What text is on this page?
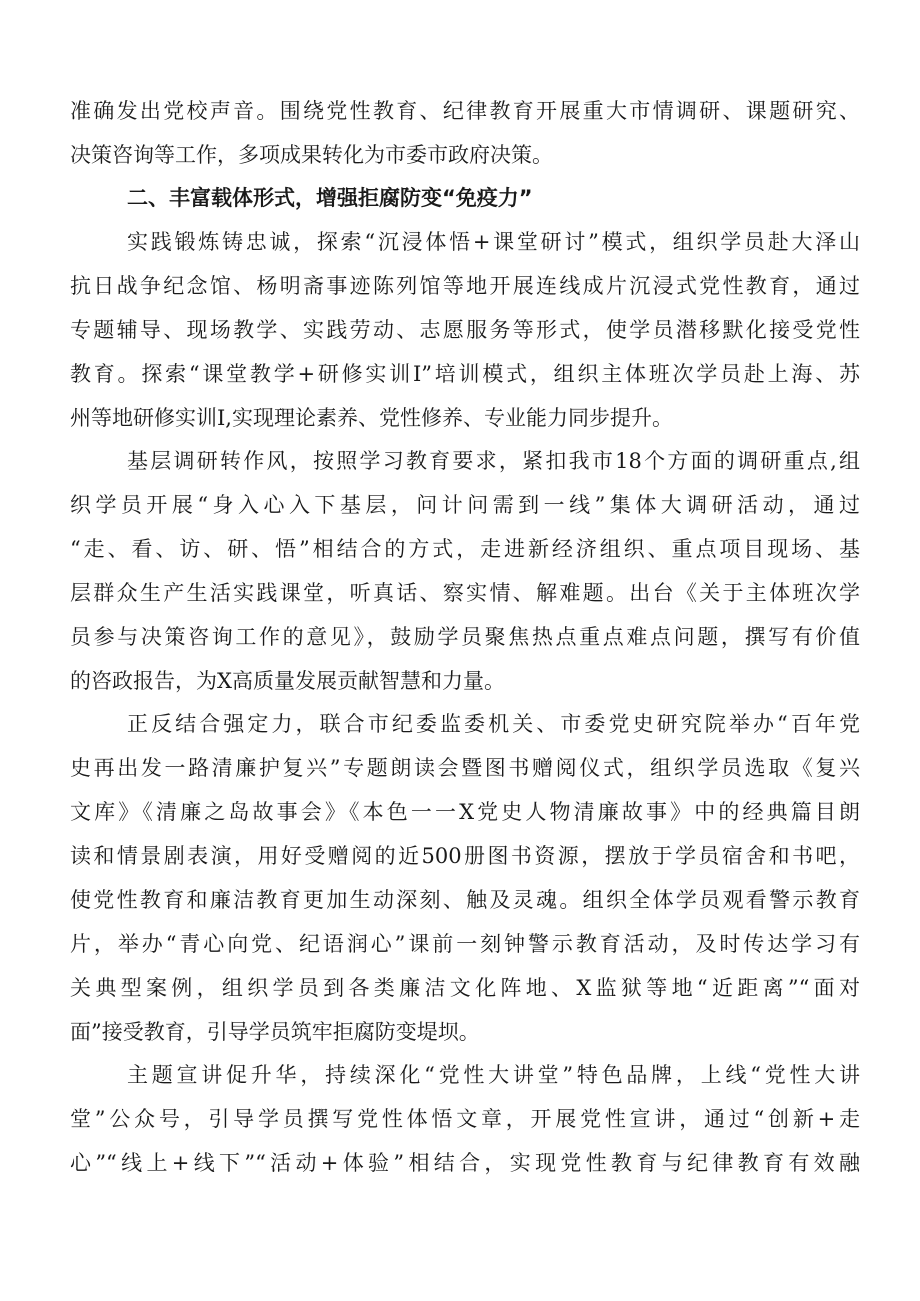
准确发出党校声音。围绕党性教育、纪律教育开展重大市情调研、课题研究、

决策咨询等工作，多项成果转化为市委市政府决策。

二、丰富载体形式，增强拒腐防变“免疫力”

实践锻炼铸忠诚，探索“沉浸体悟+课堂研讨”模式，组织学员赴大泽山

抗日战争纪念馆、杨明斋事迹陈列馆等地开展连线成片沉浸式党性教育，通过

专题辅导、现场教学、实践劳动、志愿服务等形式，使学员潜移默化接受党性

教育。探索“课堂教学+研修实训I”培训模式，组织主体班次学员赴上海、苏

州等地研修实训I,实现理论素养、党性修养、专业能力同步提升。

基层调研转作风，按照学习教育要求，紧扣我市18个方面的调研重点,组

织学员开展“身入心入下基层，问计问需到一线”集体大调研活动，通过

“走、看、访、研、悟”相结合的方式，走进新经济组织、重点项目现场、基

层群众生产生活实践课堂，听真话、察实情、解难题。出台《关于主体班次学

员参与决策咨询工作的意见》，鼓励学员聚焦热点重点难点问题，撰写有价值

的咨政报告，为X高质量发展贡献智慧和力量。

正反结合强定力，联合市纪委监委机关、市委党史研究院举办“百年党

史再出发一路清廉护复兴”专题朗读会暨图书赠阅仪式，组织学员选取《复兴

文库》《清廉之岛故事会》《本色一一X党史人物清廉故事》中的经典篇目朗

读和情景剧表演，用好受赠阅的近500册图书资源，摆放于学员宿舍和书吧，

使党性教育和廉洁教育更加生动深刻、触及灵魂。组织全体学员观看警示教育

片，举办“青心向党、纪语润心”课前一刻钟警示教育活动，及时传达学习有

关典型案例，组织学员到各类廉洁文化阵地、X监狱等地“近距离”“面对

面”接受教育，引导学员筑牢拒腐防变堤坝。

主题宣讲促升华，持续深化“党性大讲堂”特色品牌，上线“党性大讲

堂”公众号，引导学员撰写党性体悟文章，开展党性宣讲，通过“创新+走

心”“线上+线下”“活动+体验”相结合，实现党性教育与纪律教育有效融
